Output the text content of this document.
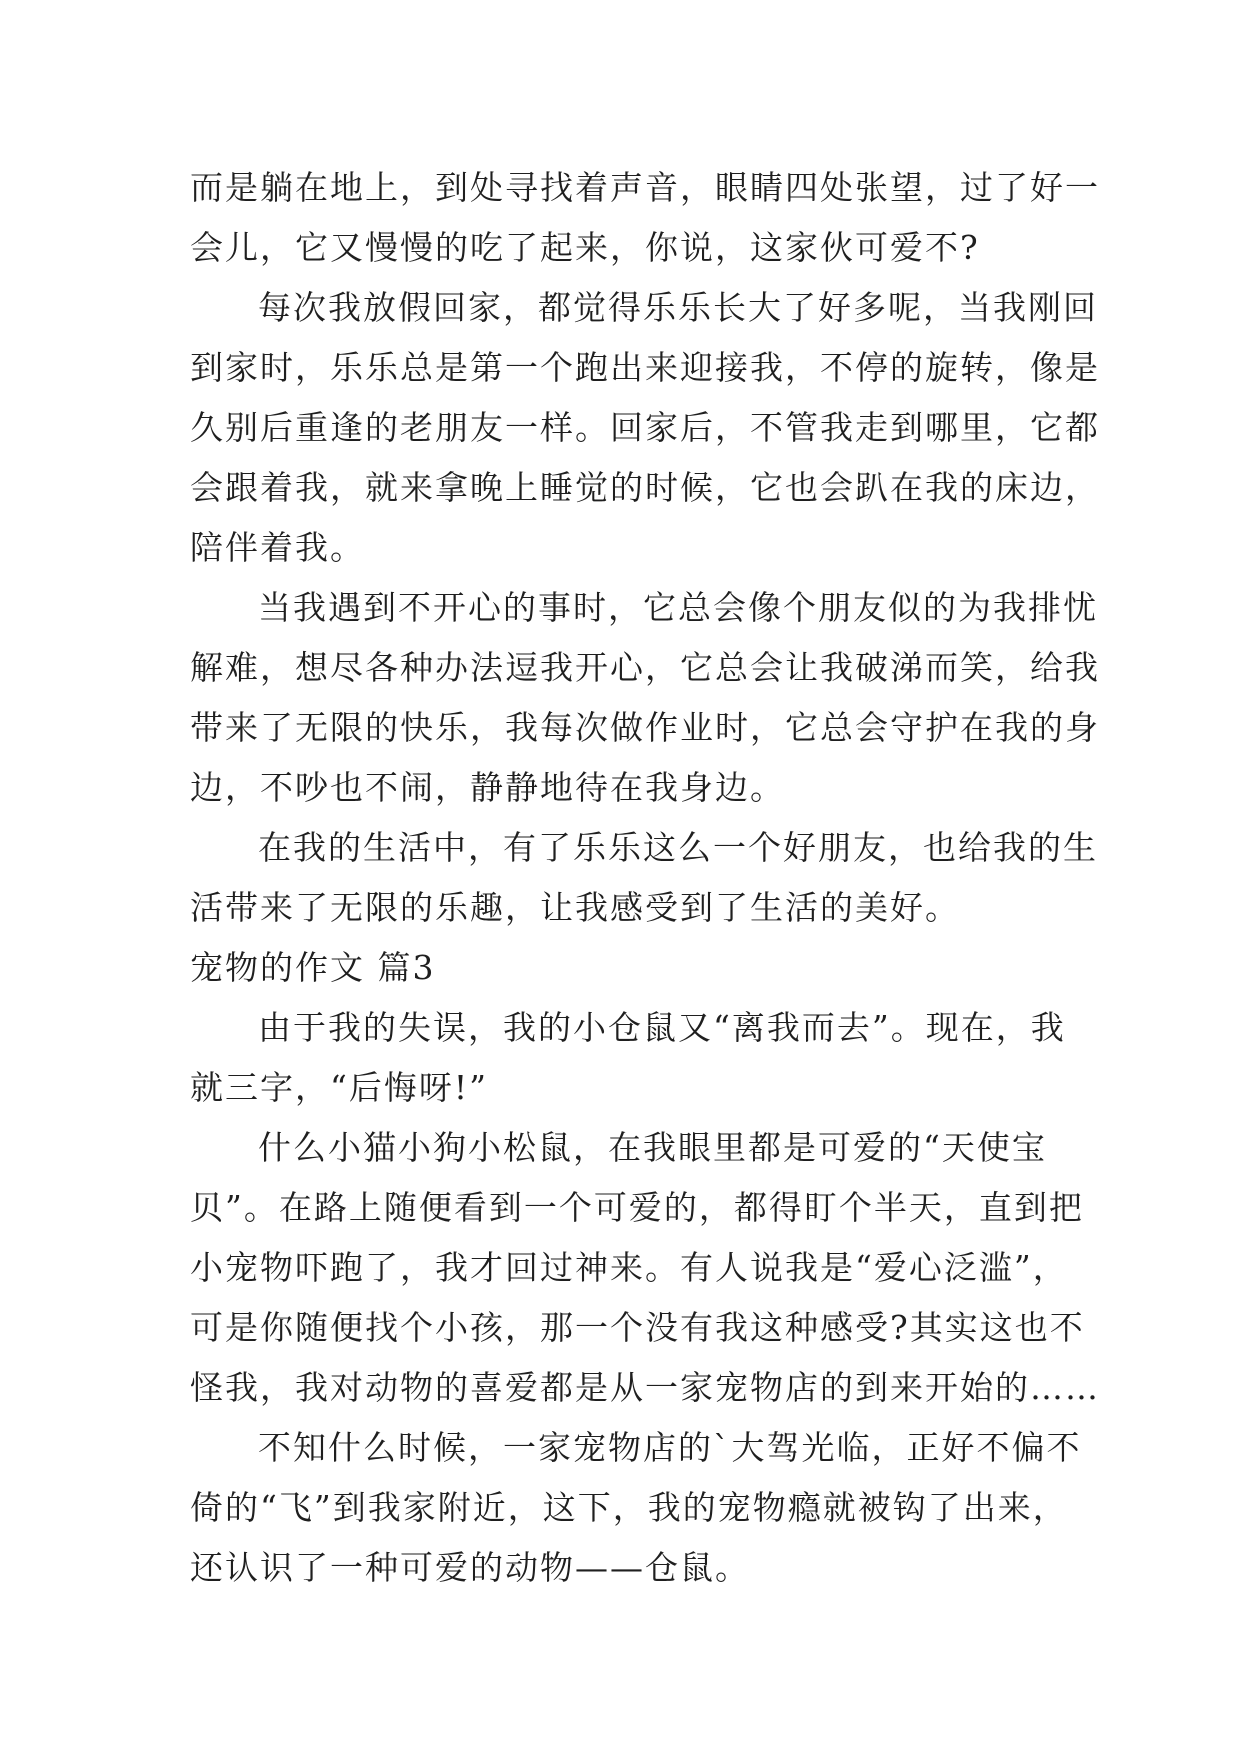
而是躺在地上，到处寻找着声音，眼睛四处张望，过了好一
会儿，它又慢慢的吃了起来，你说，这家伙可爱不?
每次我放假回家，都觉得乐乐长大了好多呢，当我刚回
到家时，乐乐总是第一个跑出来迎接我，不停的旋转，像是
久别后重逢的老朋友一样。回家后，不管我走到哪里，它都
会跟着我，就来拿晚上睡觉的时候，它也会趴在我的床边，
陪伴着我。
当我遇到不开心的事时，它总会像个朋友似的为我排忧
解难，想尽各种办法逗我开心，它总会让我破涕而笑，给我
带来了无限的快乐，我每次做作业时，它总会守护在我的身
边，不吵也不闹，静静地待在我身边。
在我的生活中，有了乐乐这么一个好朋友，也给我的生
活带来了无限的乐趣，让我感受到了生活的美好。
宠物的作文 篇3
由于我的失误，我的小仓鼠又“离我而去”。现在，我
就三字，“后悔呀!”
什么小猫小狗小松鼠，在我眼里都是可爱的“天使宝
贝”。在路上随便看到一个可爱的，都得盯个半天，直到把
小宠物吓跑了，我才回过神来。有人说我是“爱心泛滥”，
可是你随便找个小孩，那一个没有我这种感受?其实这也不
怪我，我对动物的喜爱都是从一家宠物店的到来开始的……
不知什么时候，一家宠物店的`大驾光临，正好不偏不
倚的“飞”到我家附近，这下，我的宠物瘾就被钩了出来，
还认识了一种可爱的动物——仓鼠。
